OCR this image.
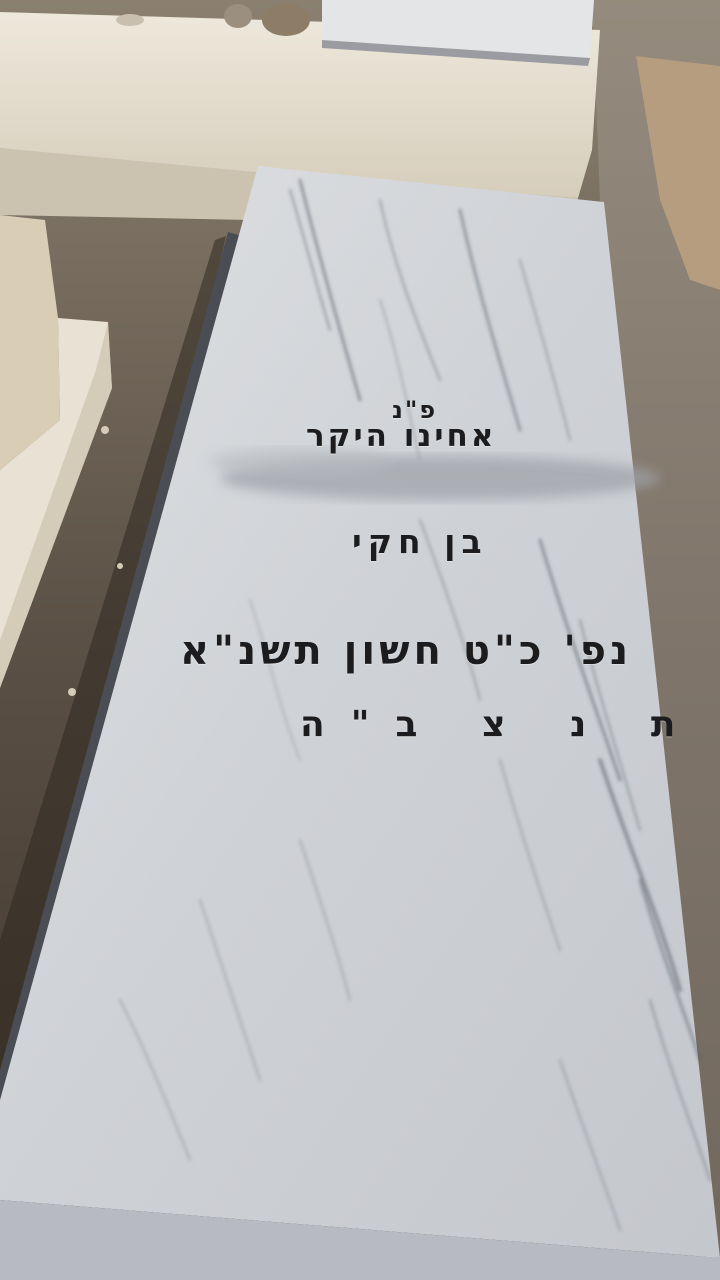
פ"נ
אחינו היקר
בן חקי
נפ' כ"ט חשון תשנ"א
ת נ צ ב"ה
